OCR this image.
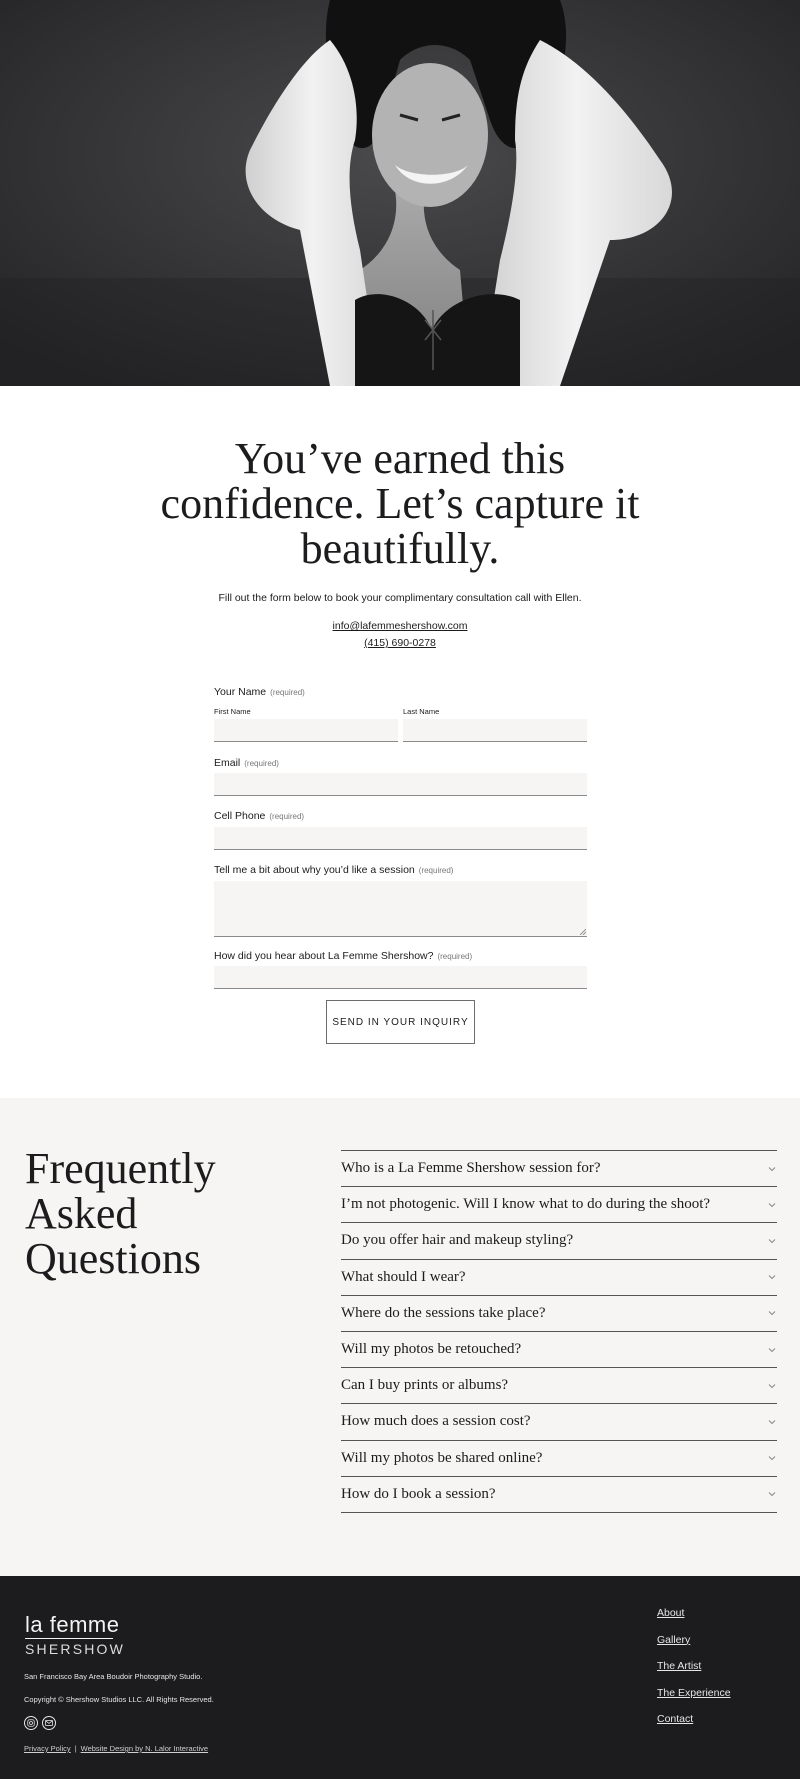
You’ve earned this
confidence. Let’s capture it
beautifully.

Fill out the form below to book your complimentary consultation call with Ellen.

info@lafemmeshershow.com
(415) 690-0278
Your Name (required)
First Name	Last Name
Email (required)
Cell Phone (required)
Tell me a bit about why you’d like a session (required)
How did you hear about La Femme Shershow? (required)
SEND IN YOUR INQUIRY
Frequently
Asked
Questions
Who is a La Femme Shershow session for?
I’m not photogenic. Will I know what to do during the shoot?
Do you offer hair and makeup styling?
What should I wear?
Where do the sessions take place?
Will my photos be retouched?
Can I buy prints or albums?
How much does a session cost?
Will my photos be shared online?
How do I book a session?
la femme
SHERSHOW
San Francisco Bay Area Boudoir Photography Studio.
Copyright © Shershow Studios LLC. All Rights Reserved.
Privacy Policy | Website Design by N. Lalor Interactive
About
Gallery
The Artist
The Experience
Contact
